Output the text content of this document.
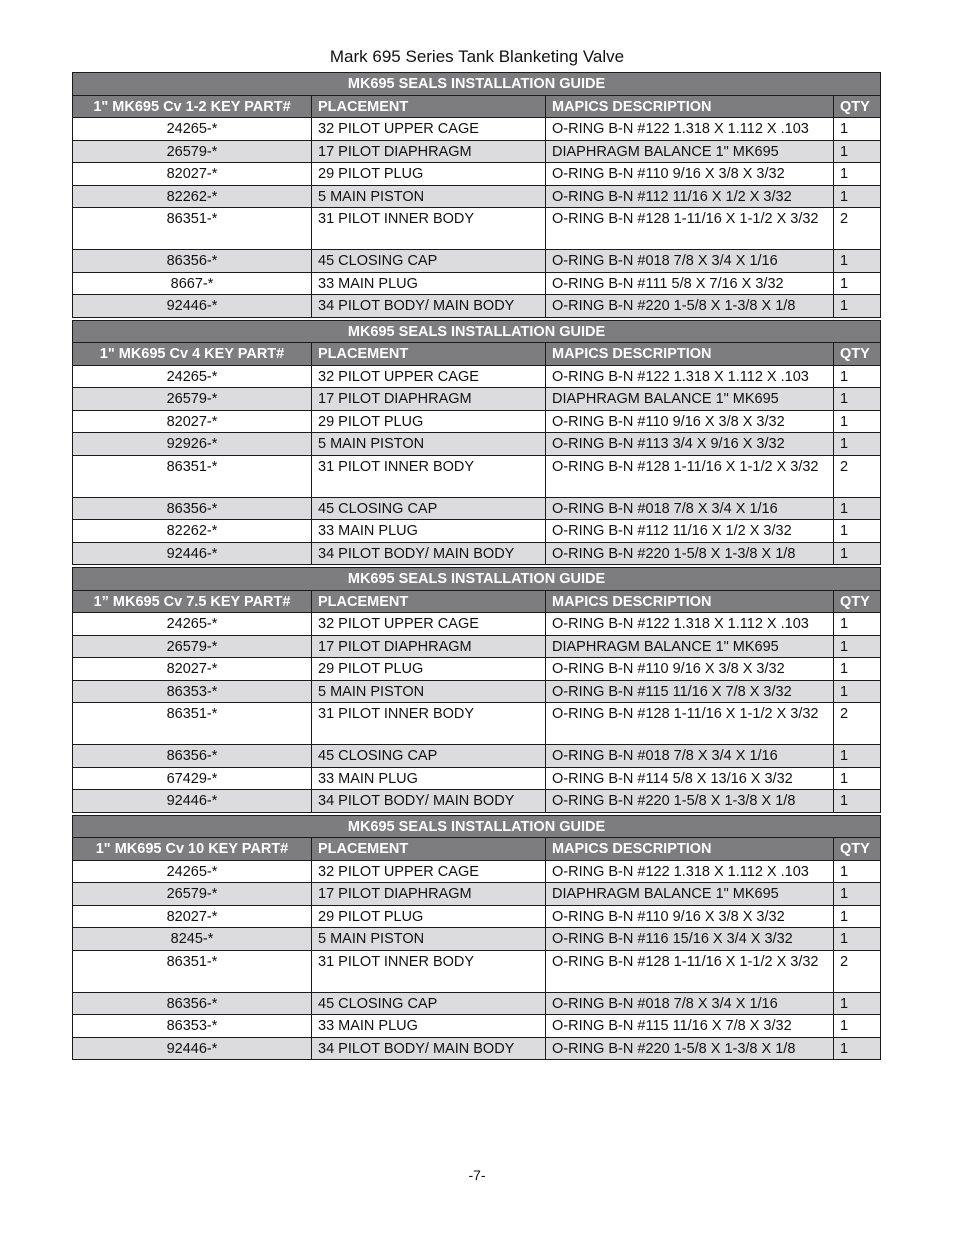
Mark 695 Series Tank Blanketing Valve
MK695 SEALS INSTALLATION GUIDE			
1" MK695 Cv 1-2 KEY PART#	PLACEMENT	MAPICS DESCRIPTION	QTY
24265-*	32 PILOT UPPER CAGE	O-RING B-N #122 1.318 X 1.112 X .103	1
26579-*	17 PILOT DIAPHRAGM	DIAPHRAGM BALANCE 1" MK695	1
82027-*	29 PILOT PLUG	O-RING B-N #110 9/16 X 3/8 X 3/32	1
82262-*	5 MAIN PISTON	O-RING B-N #112 11/16 X 1/2 X 3/32	1
86351-*	31 PILOT INNER BODY	O-RING B-N #128 1-11/16 X 1-1/2 X 3/32	2
86356-*	45 CLOSING CAP	O-RING B-N #018 7/8 X 3/4 X 1/16	1
8667-*	33 MAIN PLUG	O-RING B-N #111 5/8 X 7/16 X 3/32	1
92446-*	34 PILOT BODY/ MAIN BODY	O-RING B-N #220 1-5/8 X 1-3/8 X 1/8	1
MK695 SEALS INSTALLATION GUIDE			
1" MK695 Cv 4 KEY PART#	PLACEMENT	MAPICS DESCRIPTION	QTY
24265-*	32 PILOT UPPER CAGE	O-RING B-N #122 1.318 X 1.112 X .103	1
26579-*	17 PILOT DIAPHRAGM	DIAPHRAGM BALANCE 1" MK695	1
82027-*	29 PILOT PLUG	O-RING B-N #110 9/16 X 3/8 X 3/32	1
92926-*	5 MAIN PISTON	O-RING B-N #113 3/4 X 9/16 X 3/32	1
86351-*	31 PILOT INNER BODY	O-RING B-N #128 1-11/16 X 1-1/2 X 3/32	2
86356-*	45 CLOSING CAP	O-RING B-N #018 7/8 X 3/4 X 1/16	1
82262-*	33 MAIN PLUG	O-RING B-N #112 11/16 X 1/2 X 3/32	1
92446-*	34 PILOT BODY/ MAIN BODY	O-RING B-N #220 1-5/8 X 1-3/8 X 1/8	1
MK695 SEALS INSTALLATION GUIDE			
1” MK695 Cv 7.5 KEY PART#	PLACEMENT	MAPICS DESCRIPTION	QTY
24265-*	32 PILOT UPPER CAGE	O-RING B-N #122 1.318 X 1.112 X .103	1
26579-*	17 PILOT DIAPHRAGM	DIAPHRAGM BALANCE 1" MK695	1
82027-*	29 PILOT PLUG	O-RING B-N #110 9/16 X 3/8 X 3/32	1
86353-*	5 MAIN PISTON	O-RING B-N #115 11/16 X 7/8 X 3/32	1
86351-*	31 PILOT INNER BODY	O-RING B-N #128 1-11/16 X 1-1/2 X 3/32	2
86356-*	45 CLOSING CAP	O-RING B-N #018 7/8 X 3/4 X 1/16	1
67429-*	33 MAIN PLUG	O-RING B-N #114 5/8 X 13/16 X 3/32	1
92446-*	34 PILOT BODY/ MAIN BODY	O-RING B-N #220 1-5/8 X 1-3/8 X 1/8	1
MK695 SEALS INSTALLATION GUIDE			
1" MK695 Cv 10 KEY PART#	PLACEMENT	MAPICS DESCRIPTION	QTY
24265-*	32 PILOT UPPER CAGE	O-RING B-N #122 1.318 X 1.112 X .103	1
26579-*	17 PILOT DIAPHRAGM	DIAPHRAGM BALANCE 1" MK695	1
82027-*	29 PILOT PLUG	O-RING B-N #110 9/16 X 3/8 X 3/32	1
8245-*	5 MAIN PISTON	O-RING B-N #116 15/16 X 3/4 X 3/32	1
86351-*	31 PILOT INNER BODY	O-RING B-N #128 1-11/16 X 1-1/2 X 3/32	2
86356-*	45 CLOSING CAP	O-RING B-N #018 7/8 X 3/4 X 1/16	1
86353-*	33 MAIN PLUG	O-RING B-N #115 11/16 X 7/8 X 3/32	1
92446-*	34 PILOT BODY/ MAIN BODY	O-RING B-N #220 1-5/8 X 1-3/8 X 1/8	1
-7-
